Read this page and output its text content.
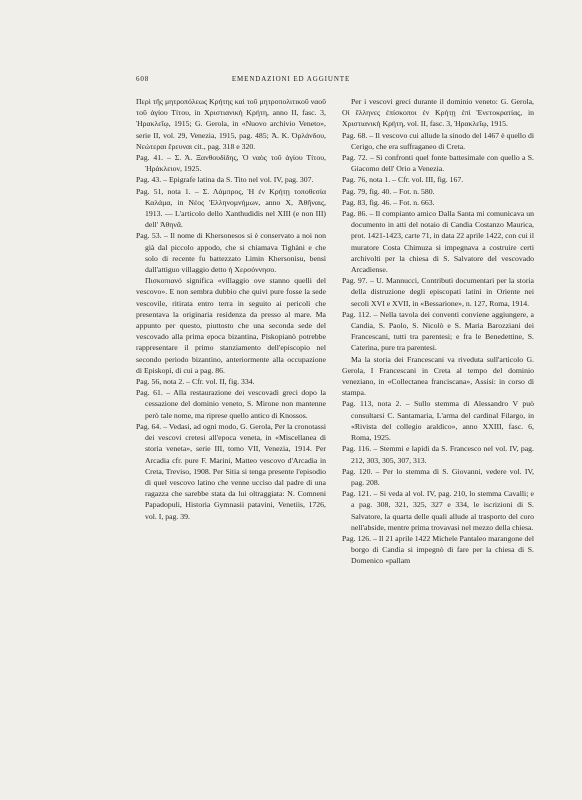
608	EMENDAZIONI ED AGGIUNTE

Περὶ τῆς μητροπόλεως Κρήτης καὶ τοῦ μητροπολιτικοῦ ναοῦ τοῦ ἁγίου Τίτου, in Χριστιανικὴ Κρήτη, anno II, fasc. 3, Ἡρακλεῖῳ, 1915; G. Gerola, in «Nuovo archivio Veneto», serie II, vol. 29, Venezia, 1915, pag. 485; Ά. Κ. Όρλάνδου, Νεώτεραι ἔρευναι cit., pag. 318 e 320.

Pag. 41. – Σ. Ά. Ξανθουδίδης, Ὁ ναὸς τοῦ ἁγίου Τίτου, Ἡράκλειον, 1925.

Pag. 43. – Epigrafe latina da S. Tito nel vol. IV, pag. 307.

Pag. 51, nota 1. – Σ. Λάμπρος, Ἡ ἐν Κρήτῃ τοποθεσία Καλάμα, in Νέος Ἑλληνομνήμων, anno X, Ἀθῆναις, 1913. — L'articolo dello Xanthudidis nel XIII (e non III) dell' Ἀθηνᾶ.

Pag. 53. – Il nome di Khersonesos si è conservato a noi non già dal piccolo appodo, che si chiamava Tighàni e che solo di recente fu battezzato Limin Khersonisu, bensì dall'attiguo villaggio detto ἡ Χερσόννησο.

Πισκοπιανό significa «villaggio ove stanno quelli del vescovo». E non sembra dubbio che quivi pure fosse la sede vescovile, ritirata entro terra in seguito ai pericoli che presentava la originaria residenza da presso al mare. Ma appunto per questo, piuttosto che una seconda sede del vescovado alla prima epoca bizantina, Piskopianò potrebbe rappresentare il primo stanziamento dell'episcopio nel secondo periodo bizantino, anteriormente alla occupazione di Episkopì, di cui a pag. 86.

Pag. 56, nota 2. – Cfr. vol. II, fig. 334.

Pag. 61. – Alla restaurazione dei vescovadi greci dopo la cessazione del dominio veneto, S. Mirone non mantenne però tale nome, ma riprese quello antico di Knossos.

Pag. 64. – Vedasi, ad ogni modo, G. Gerola, Per la cronotassi dei vescovi cretesi all'epoca veneta, in «Miscellanea di storia veneta», serie III, tomo VII, Venezia, 1914. Per Arcadia cfr. pure F. Marini, Matteo vescovo d'Arcadia in Creta, Treviso, 1908. Per Sitia si tenga presente l'episodio di quel vescovo latino che venne ucciso dal padre di una ragazza che sarebbe stata da lui oltraggiata: N. Comneni Papadopuli, Historia Gymnasii patavini, Venetiis, 1726, vol. I, pag. 39.

Per i vescovi greci durante il dominio veneto: G. Gerola, Οἱ ἕλληνες ἐπίσκοποι ἐν Κρήτῃ ἐπὶ Ἑνετοκρατίας, in Χριστιανικὴ Κρήτη, vol. II, fasc. 3, Ἡρακλεῖῳ, 1915.

Pag. 68. – Il vescovo cui allude la sinodo del 1467 è quello di Cerigo, che era suffraganeo di Creta.

Pag. 72. – Si confronti quel fonte battesimale con quello a S. Giacomo dell' Orio a Venezia.

Pag. 76, nota 1. – Cfr. vol. III, fig. 167.

Pag. 79, fig. 40. – Fot. n. 580.

Pag. 83, fig. 46. – Fot. n. 663.

Pag. 86. – Il compianto amico Dalla Santa mi comunicava un documento in atti del notaio di Candia Costanzo Maurica, prot. 1421-1423, carte 71, in data 22 aprile 1422, con cui il muratore Costa Chimuza si impegnava a costruire certi archivolti per la chiesa di S. Salvatore del vescovado Arcadiense.

Pag. 97. – U. Mannucci, Contributi documentari per la storia della distruzione degli episcopati latini in Oriente nei secoli XVI e XVII, in «Bessarione», n. 127, Roma, 1914.

Pag. 112. – Nella tavola dei conventi conviene aggiungere, a Candia, S. Paolo, S. Nicolò e S. Maria Barozziani dei Francescani, tutti tra parentesi; e fra le Benedettine, S. Caterina, pure tra parentesi.

Ma la storia dei Francescani va riveduta sull'articolo G. Gerola, I Francescani in Creta al tempo del dominio veneziano, in «Collectanea franciscana», Assisi: in corso di stampa.

Pag. 113, nota 2. – Sullo stemma di Alessandro V può consultarsi C. Santamaria, L'arma del cardinal Filargo, in «Rivista del collegio araldico», anno XXIII, fasc. 6, Roma, 1925.

Pag. 116. – Stemmi e lapidi da S. Francesco nel vol. IV, pag. 212, 303, 305, 307, 313.

Pag. 120. – Per lo stemma di S. Giovanni, vedere vol. IV, pag. 208.

Pag. 121. – Si veda al vol. IV, pag. 210, lo stemma Cavalli; e a pag. 308, 321, 325, 327 e 334, le iscrizioni di S. Salvatore, la quarta delle quali allude al trasporto del coro nell'abside, mentre prima trovavasi nel mezzo della chiesa.

Pag. 126. – Il 21 aprile 1422 Michele Pantaleo marangone del borgo di Candia si impegnò di fare per la chiesa di S. Domenico «pallam
